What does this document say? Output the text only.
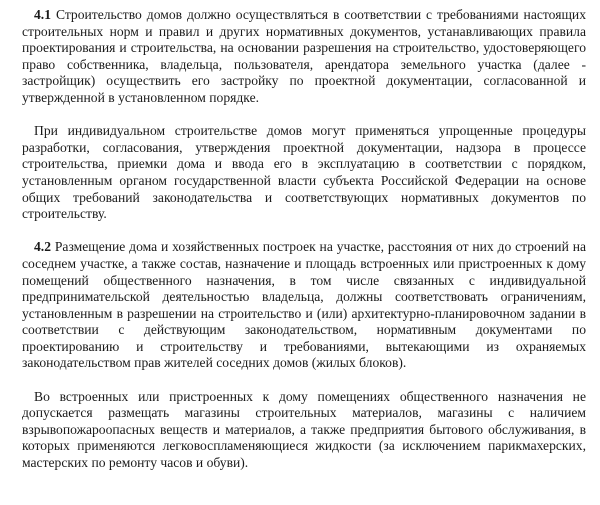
4.1 Строительство домов должно осуществляться в соответствии с требованиями настоящих строительных норм и правил и других нормативных документов, устанавливающих правила проектирования и строительства, на основании разрешения на строительство, удостоверяющего право собственника, владельца, пользователя, арендатора земельного участка (далее - застройщик) осуществить его застройку по проектной документации, согласованной и утвержденной в установленном порядке.

При индивидуальном строительстве домов могут применяться упрощенные процедуры разработки, согласования, утверждения проектной документации, надзора в процессе строительства, приемки дома и ввода его в эксплуатацию в соответствии с порядком, установленным органом государственной власти субъекта Российской Федерации на основе общих требований законодательства и соответствующих нормативных документов по строительству.

4.2 Размещение дома и хозяйственных построек на участке, расстояния от них до строений на соседнем участке, а также состав, назначение и площадь встроенных или пристроенных к дому помещений общественного назначения, в том числе связанных с индивидуальной предпринимательской деятельностью владельца, должны соответствовать ограничениям, установленным в разрешении на строительство и (или) архитектурно-планировочном задании в соответствии с действующим законодательством, нормативным документами по проектированию и строительству и требованиями, вытекающими из охраняемых законодательством прав жителей соседних домов (жилых блоков).

Во встроенных или пристроенных к дому помещениях общественного назначения не допускается размещать магазины строительных материалов, магазины с наличием взрывопожароопасных веществ и материалов, а также предприятия бытового обслуживания, в которых применяются легковоспламеняющиеся жидкости (за исключением парикмахерских, мастерских по ремонту часов и обуви).
